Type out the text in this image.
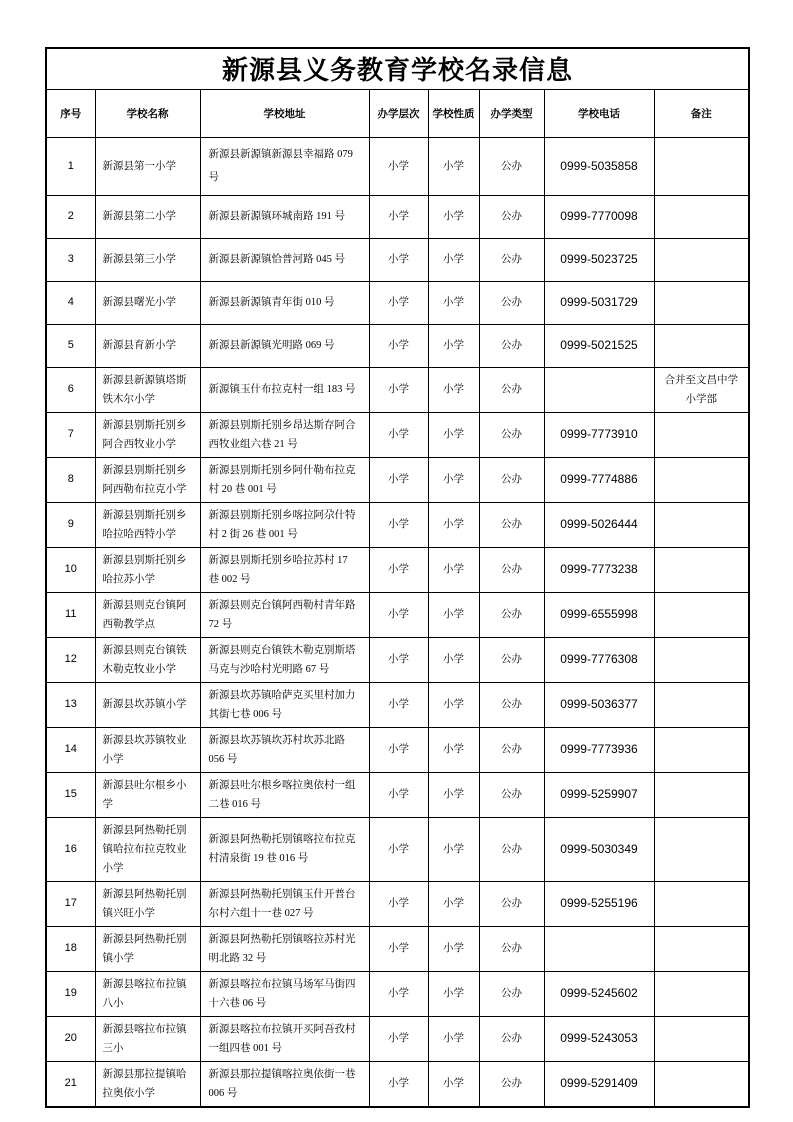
新源县义务教育学校名录信息							
序号	学校名称	学校地址	办学层次	学校性质	办学类型	学校电话	备注
1	新源县第一小学	新源县新源镇新源县幸福路 079 号	小学	小学	公办	0999-5035858	
2	新源县第二小学	新源县新源镇环城南路 191 号	小学	小学	公办	0999-7770098	
3	新源县第三小学	新源县新源镇恰普河路 045 号	小学	小学	公办	0999-5023725	
4	新源县曙光小学	新源县新源镇青年街 010 号	小学	小学	公办	0999-5031729	
5	新源县育新小学	新源县新源镇光明路 069 号	小学	小学	公办	0999-5021525	
6	新源县新源镇塔斯铁木尔小学	新源镇玉什布拉克村一组 183 号	小学	小学	公办		合并至文昌中学小学部
7	新源县别斯托别乡阿合西牧业小学	新源县别斯托别乡昂达斯存阿合西牧业组六巷 21 号	小学	小学	公办	0999-7773910	
8	新源县别斯托别乡阿西勒布拉克小学	新源县别斯托别乡阿什勒布拉克村 20 巷 001 号	小学	小学	公办	0999-7774886	
9	新源县别斯托别乡哈拉哈西特小学	新源县别斯托别乡喀拉阿尕什特村 2 街 26 巷 001 号	小学	小学	公办	0999-5026444	
10	新源县别斯托别乡哈拉苏小学	新源县别斯托别乡哈拉苏村 17 巷 002 号	小学	小学	公办	0999-7773238	
11	新源县则克台镇阿西勒教学点	新源县则克台镇阿西勒村青年路 72 号	小学	小学	公办	0999-6555998	
12	新源县则克台镇铁木勒克牧业小学	新源县则克台镇铁木勒克别斯塔马克与沙哈村光明路 67 号	小学	小学	公办	0999-7776308	
13	新源县坎苏镇小学	新源县坎苏镇哈萨克买里村加力其街七巷 006 号	小学	小学	公办	0999-5036377	
14	新源县坎苏镇牧业小学	新源县坎苏镇坎苏村坎苏北路 056 号	小学	小学	公办	0999-7773936	
15	新源县吐尔根乡小学	新源县吐尔根乡喀拉奥依村一组二巷 016 号	小学	小学	公办	0999-5259907	
16	新源县阿热勒托别镇哈拉布拉克牧业小学	新源县阿热勒托别镇喀拉布拉克村清泉街 19 巷 016 号	小学	小学	公办	0999-5030349	
17	新源县阿热勒托别镇兴旺小学	新源县阿热勒托别镇玉什开普台尔村六组十一巷 027 号	小学	小学	公办	0999-5255196	
18	新源县阿热勒托别镇小学	新源县阿热勒托别镇喀拉苏村光明北路 32 号	小学	小学	公办		
19	新源县喀拉布拉镇八小	新源县喀拉布拉镇马场军马街四十六巷 06 号	小学	小学	公办	0999-5245602	
20	新源县喀拉布拉镇三小	新源县喀拉布拉镇开买阿吾孜村一组四巷 001 号	小学	小学	公办	0999-5243053	
21	新源县那拉提镇哈拉奥依小学	新源县那拉提镇喀拉奥依街一巷 006 号	小学	小学	公办	0999-5291409	
